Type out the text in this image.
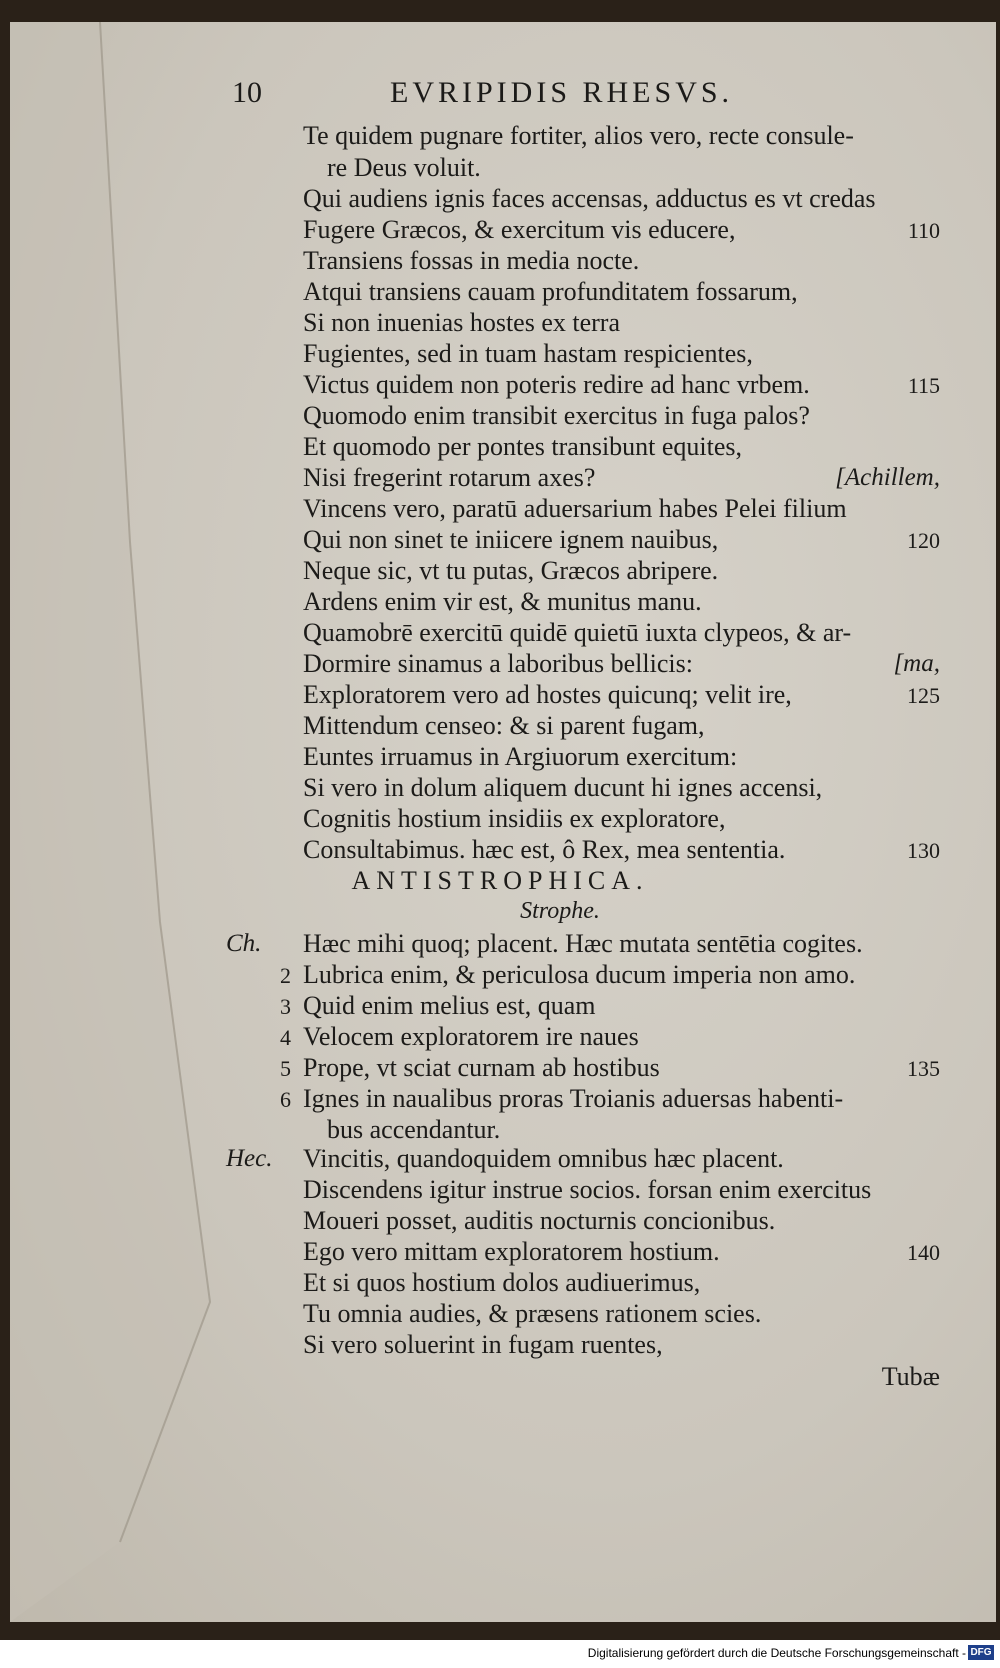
10	EVRIPIDIS RHESVS.
Te quidem pugnare fortiter, alios vero, recte consule-
re Deus voluit.
Qui audiens ignis faces accensas, adductus es vt credas
Fugere Græcos, & exercitum vis educere,	110
Transiens fossas in media nocte.
Atqui transiens cauam profunditatem fossarum,
Si non inuenias hostes ex terra
Fugientes, sed in tuam hastam respicientes,
Victus quidem non poteris redire ad hanc vrbem.	115
Quomodo enim transibit exercitus in fuga palos?
Et quomodo per pontes transibunt equites,
Nisi fregerint rotarum axes?	[Achillem,
Vincens vero, paratū aduersarium habes Pelei filium
Qui non sinet te iniicere ignem nauibus,	120
Neque sic, vt tu putas, Græcos abripere.
Ardens enim vir est, & munitus manu.
Quamobrē exercitū quidē quietū iuxta clypeos, & ar-
Dormire sinamus a laboribus bellicis:	[ma,
Exploratorem vero ad hostes quicunq; velit ire,	125
Mittendum censeo: & si parent fugam,
Euntes irruamus in Argiuorum exercitum:
Si vero in dolum aliquem ducunt hi ignes accensi,
Cognitis hostium insidiis ex exploratore,
Consultabimus. hæc est, ô Rex, mea sententia.	130
ANTISTROPHICA.
Strophe.
Ch. Hæc mihi quoq; placent. Hæc mutata sentētia cogites.
2 Lubrica enim, & periculosa ducum imperia non amo.
3 Quid enim melius est, quam
4 Velocem exploratorem ire naues
5 Prope, vt sciat curnam ab hostibus	135
6 Ignes in naualibus proras Troianis aduersas habenti-
bus accendantur.
Hec. Vincitis, quandoquidem omnibus hæc placent.
Discendens igitur instrue socios. forsan enim exercitus
Moueri posset, auditis nocturnis concionibus.
Ego vero mittam exploratorem hostium.	140
Et si quos hostium dolos audiuerimus,
Tu omnia audies, & præsens rationem scies.
Si vero soluerint in fugam ruentes,
Tubæ
Digitalisierung gefördert durch die Deutsche Forschungsgemeinschaft - DFG
